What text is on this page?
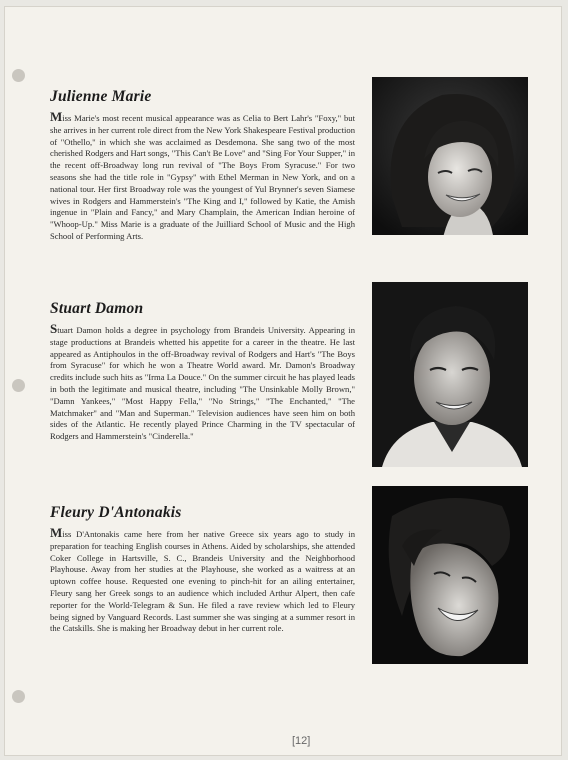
Julienne Marie

Miss Marie's most recent musical appearance was as Celia to Bert Lahr's "Foxy," but she arrives in her current role direct from the New York Shakespeare Festival production of "Othello," in which she was acclaimed as Desdemona. She sang two of the most cherished Rodgers and Hart songs, "This Can't Be Love" and "Sing For Your Supper," in the recent off-Broadway long run revival of "The Boys From Syracuse." For two seasons she had the title role in "Gypsy" with Ethel Merman in New York, and on a national tour. Her first Broadway role was the youngest of Yul Brynner's seven Siamese wives in Rodgers and Hammerstein's "The King and I," followed by Katie, the Amish ingenue in "Plain and Fancy," and Mary Champlain, the American Indian heroine of "Whoop-Up." Miss Marie is a graduate of the Juilliard School of Music and the High School of Performing Arts.

Stuart Damon

Stuart Damon holds a degree in psychology from Brandeis University. Appearing in stage productions at Brandeis whetted his appetite for a career in the theatre. He last appeared as Antiphoulos in the off-Broadway revival of Rodgers and Hart's "The Boys from Syracuse" for which he won a Theatre World award. Mr. Damon's Broadway credits include such hits as "Irma La Douce." On the summer circuit he has played leads in both the legitimate and musical theatre, including "The Unsinkable Molly Brown," "Damn Yankees," "Most Happy Fella," "No Strings," "The Enchanted," "The Matchmaker" and "Man and Superman." Television audiences have seen him on both sides of the Atlantic. He recently played Prince Charming in the TV spectacular of Rodgers and Hammerstein's "Cinderella."

Fleury D'Antonakis

Miss D'Antonakis came here from her native Greece six years ago to study in preparation for teaching English courses in Athens. Aided by scholarships, she attended Coker College in Hartsville, S. C., Brandeis University and the Neighborhood Playhouse. Away from her studies at the Playhouse, she worked as a waitress at an uptown coffee house. Requested one evening to pinch-hit for an ailing entertainer, Fleury sang her Greek songs to an audience which included Arthur Alpert, then cafe reporter for the World-Telegram & Sun. He filed a rave review which led to Fleury being signed by Vanguard Records. Last summer she was singing at a summer resort in the Catskills. She is making her Broadway debut in her current role.

[12]
